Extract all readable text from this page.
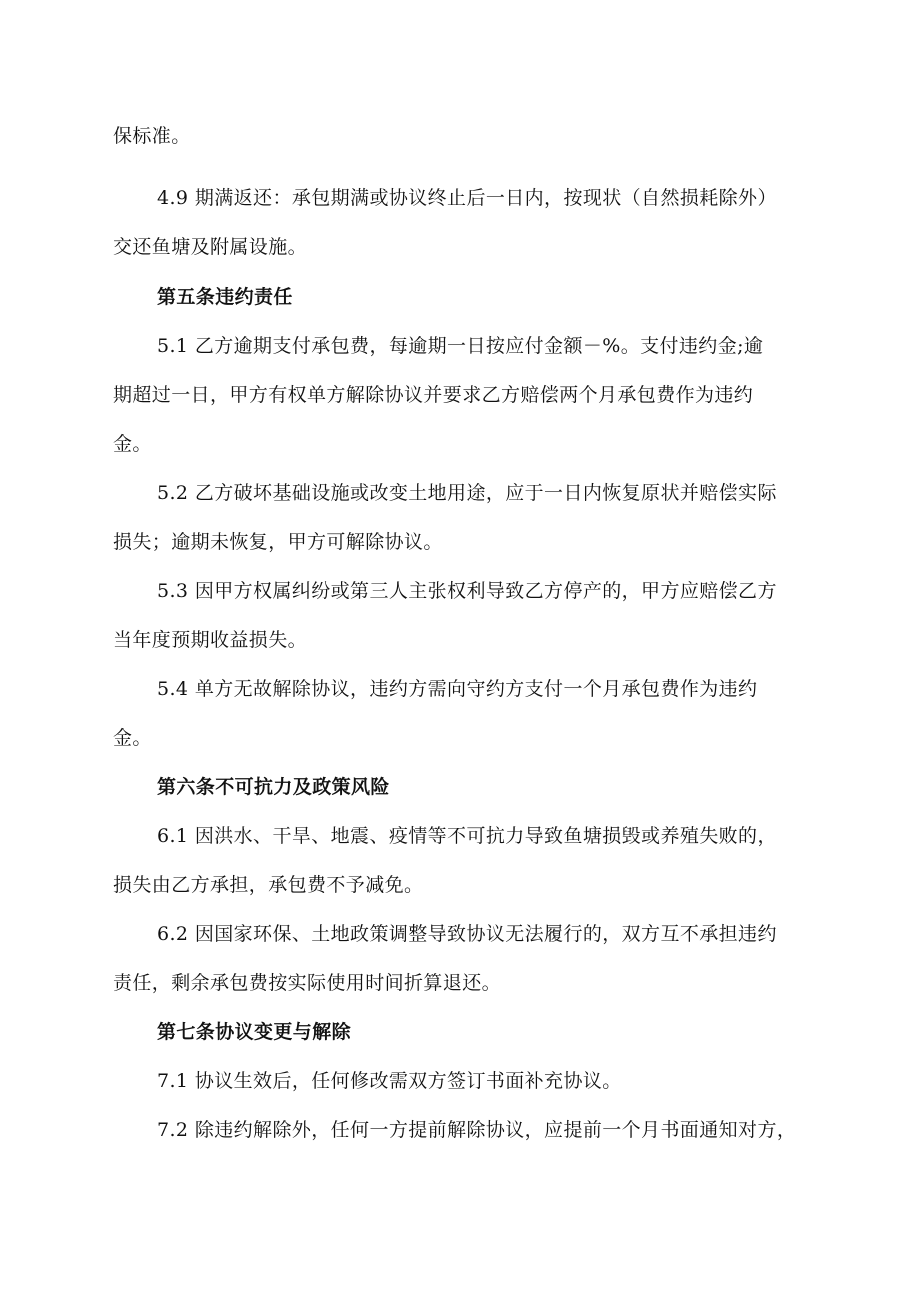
保标准。
4.9 期满返还：承包期满或协议终止后一日内，按现状（自然损耗除外）
交还鱼塘及附属设施。
第五条违约责任
5.1 乙方逾期支付承包费，每逾期一日按应付金额－%。支付违约金;逾
期超过一日，甲方有权单方解除协议并要求乙方赔偿两个月承包费作为违约
金。
5.2 乙方破坏基础设施或改变土地用途，应于一日内恢复原状并赔偿实际
损失；逾期未恢复，甲方可解除协议。
5.3 因甲方权属纠纷或第三人主张权利导致乙方停产的，甲方应赔偿乙方
当年度预期收益损失。
5.4 单方无故解除协议，违约方需向守约方支付一个月承包费作为违约
金。
第六条不可抗力及政策风险
6.1 因洪水、干旱、地震、疫情等不可抗力导致鱼塘损毁或养殖失败的，
损失由乙方承担，承包费不予减免。
6.2 因国家环保、土地政策调整导致协议无法履行的，双方互不承担违约
责任，剩余承包费按实际使用时间折算退还。
第七条协议变更与解除
7.1 协议生效后，任何修改需双方签订书面补充协议。
7.2 除违约解除外，任何一方提前解除协议，应提前一个月书面通知对方，
